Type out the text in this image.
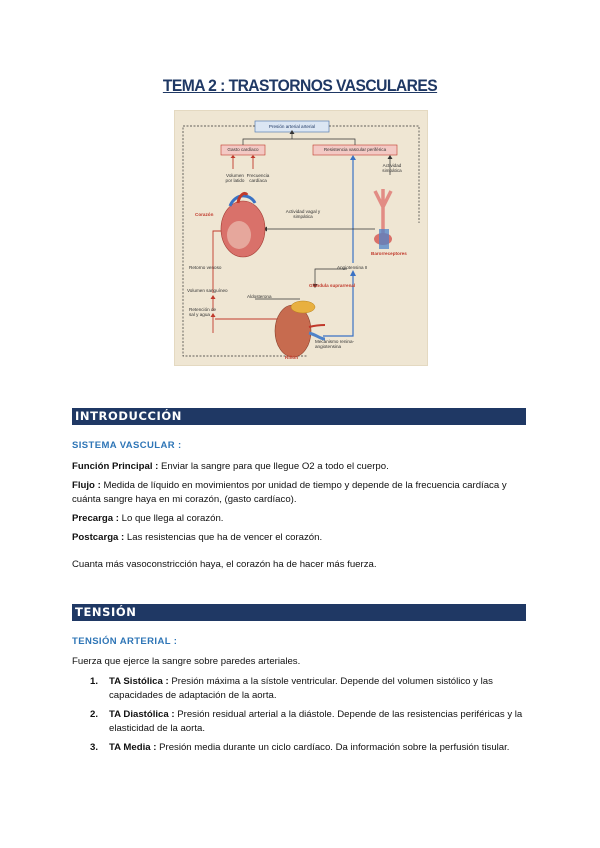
TEMA 2 : TRASTORNOS VASCULARES
Presión arterial arterial
Gasto cardíaco	Resistencia vascular periférica
Volumen por latido
Frecuencia cardíaca
Actividad simpática
Corazón
Actividad vagal y simpática
Barorreceptores
Retorno venoso	Angiotensina II
Glándula suprarrenal
Volumen sanguíneo
Aldosterona
Retención de sal y agua
Mecanismo renina-angiotensina
Riñón
INTRODUCCIÓN
SISTEMA VASCULAR :
Función Principal : Enviar la sangre para que llegue O2 a todo el cuerpo.
Flujo : Medida de líquido en movimientos por unidad de tiempo y depende de la frecuencia cardíaca y cuánta sangre haya en mi corazón, (gasto cardíaco).
Precarga : Lo que llega al corazón.
Postcarga : Las resistencias que ha de vencer el corazón.
Cuanta más vasoconstricción haya, el corazón ha de hacer más fuerza.
TENSIÓN
TENSIÓN ARTERIAL :
Fuerza que ejerce la sangre sobre paredes arteriales.
1. TA Sistólica : Presión máxima a la sístole ventricular. Depende del volumen sistólico y las capacidades de adaptación de la aorta.
2. TA Diastólica : Presión residual arterial a la diástole. Depende de las resistencias periféricas y la elasticidad de la aorta.
3. TA Media : Presión media durante un ciclo cardíaco. Da información sobre la perfusión tisular.
